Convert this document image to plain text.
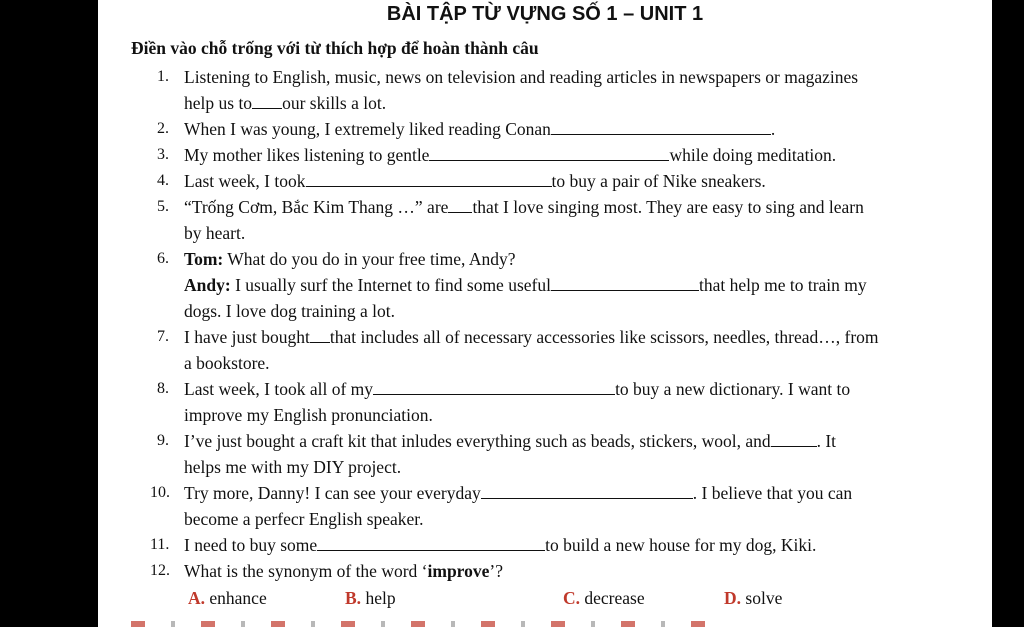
BÀI TẬP TỪ VỰNG SỐ 1 – UNIT 1
Điền vào chỗ trống với từ thích hợp để hoàn thành câu
1. Listening to English, music, news on television and reading articles in newspapers or magazines
help us to our skills a lot.
2. When I was young, I extremely liked reading Conan	.
3. My mother likes listening to gentle	while doing meditation.
4. Last week, I took	to buy a pair of Nike sneakers.
5. “Trống Cơm, Bắc Kim Thang …” are that I love singing most. They are easy to sing and learn
by heart.
6. Tom: What do you do in your free time, Andy?
Andy: I usually surf the Internet to find some useful	that help me to train my
dogs. I love dog training a lot.
7. I have just bought that includes all of necessary accessories like scissors, needles, thread…, from
a bookstore.
8. Last week, I took all of my	to buy a new dictionary. I want to
improve my English pronunciation.
9. I’ve just bought a craft kit that inludes everything such as beads, stickers, wool, and	. It
helps me with my DIY project.
10. Try more, Danny! I can see your everyday	. I believe that you can
become a perfecr English speaker.
11. I need to buy some	to build a new house for my dog, Kiki.
12. What is the synonym of the word ‘improve’?
A. enhance	B. help	C. decrease	D. solve
